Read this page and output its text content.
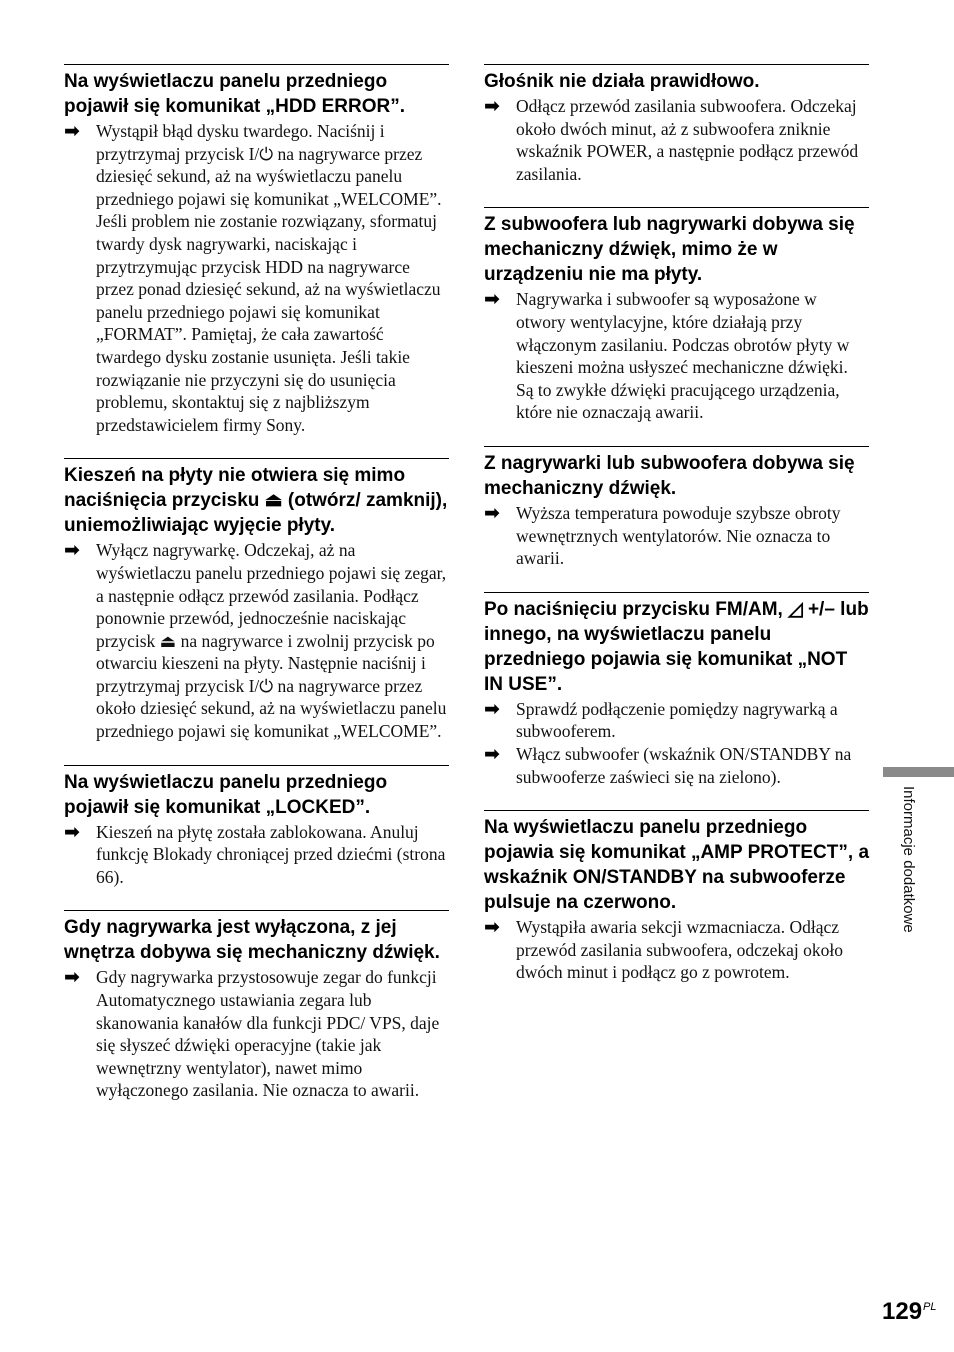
Na wyświetlaczu panelu przedniego pojawił się komunikat „HDD ERROR”.
➡ Wystąpił błąd dysku twardego. Naciśnij i przytrzymaj przycisk I/⏻ na nagrywarce przez dziesięć sekund, aż na wyświetlaczu panelu przedniego pojawi się komunikat „WELCOME”. Jeśli problem nie zostanie rozwiązany, sformatuj twardy dysk nagrywarki, naciskając i przytrzymując przycisk HDD na nagrywarce przez ponad dziesięć sekund, aż na wyświetlaczu panelu przedniego pojawi się komunikat „FORMAT”. Pamiętaj, że cała zawartość twardego dysku zostanie usunięta. Jeśli takie rozwiązanie nie przyczyni się do usunięcia problemu, skontaktuj się z najbliższym przedstawicielem firmy Sony.
Kieszeń na płyty nie otwiera się mimo naciśnięcia przycisku ⏏ (otwórz/ zamknij), uniemożliwiając wyjęcie płyty.
➡ Wyłącz nagrywarkę. Odczekaj, aż na wyświetlaczu panelu przedniego pojawi się zegar, a następnie odłącz przewód zasilania. Podłącz ponownie przewód, jednocześnie naciskając przycisk ⏏ na nagrywarce i zwolnij przycisk po otwarciu kieszeni na płyty. Następnie naciśnij i przytrzymaj przycisk I/⏻ na nagrywarce przez około dziesięć sekund, aż na wyświetlaczu panelu przedniego pojawi się komunikat „WELCOME”.
Na wyświetlaczu panelu przedniego pojawił się komunikat „LOCKED”.
➡ Kieszeń na płytę została zablokowana. Anuluj funkcję Blokady chroniącej przed dziećmi (strona 66).
Gdy nagrywarka jest wyłączona, z jej wnętrza dobywa się mechaniczny dźwięk.
➡ Gdy nagrywarka przystosowuje zegar do funkcji Automatycznego ustawiania zegara lub skanowania kanałów dla funkcji PDC/ VPS, daje się słyszeć dźwięki operacyjne (takie jak wewnętrzny wentylator), nawet mimo wyłączonego zasilania. Nie oznacza to awarii.
Głośnik nie działa prawidłowo.
➡ Odłącz przewód zasilania subwoofera. Odczekaj około dwóch minut, aż z subwoofera zniknie wskaźnik POWER, a następnie podłącz przewód zasilania.
Z subwoofera lub nagrywarki dobywa się mechaniczny dźwięk, mimo że w urządzeniu nie ma płyty.
➡ Nagrywarka i subwoofer są wyposażone w otwory wentylacyjne, które działają przy włączonym zasilaniu. Podczas obrotów płyty w kieszeni można usłyszeć mechaniczne dźwięki. Są to zwykłe dźwięki pracującego urządzenia, które nie oznaczają awarii.
Z nagrywarki lub subwoofera dobywa się mechaniczny dźwięk.
➡ Wyższa temperatura powoduje szybsze obroty wewnętrznych wentylatorów. Nie oznacza to awarii.
Po naciśnięciu przycisku FM/AM, ◿ +/– lub innego, na wyświetlaczu panelu przedniego pojawia się komunikat „NOT IN USE”.
➡ Sprawdź podłączenie pomiędzy nagrywarką a subwooferem.
➡ Włącz subwoofer (wskaźnik ON/STANDBY na subwooferze zaświeci się na zielono).
Na wyświetlaczu panelu przedniego pojawia się komunikat „AMP PROTECT”, a wskaźnik ON/STANDBY na subwooferze pulsuje na czerwono.
➡ Wystąpiła awaria sekcji wzmacniacza. Odłącz przewód zasilania subwoofera, odczekaj około dwóch minut i podłącz go z powrotem.
Informacje dodatkowe
$129^{PL}$
